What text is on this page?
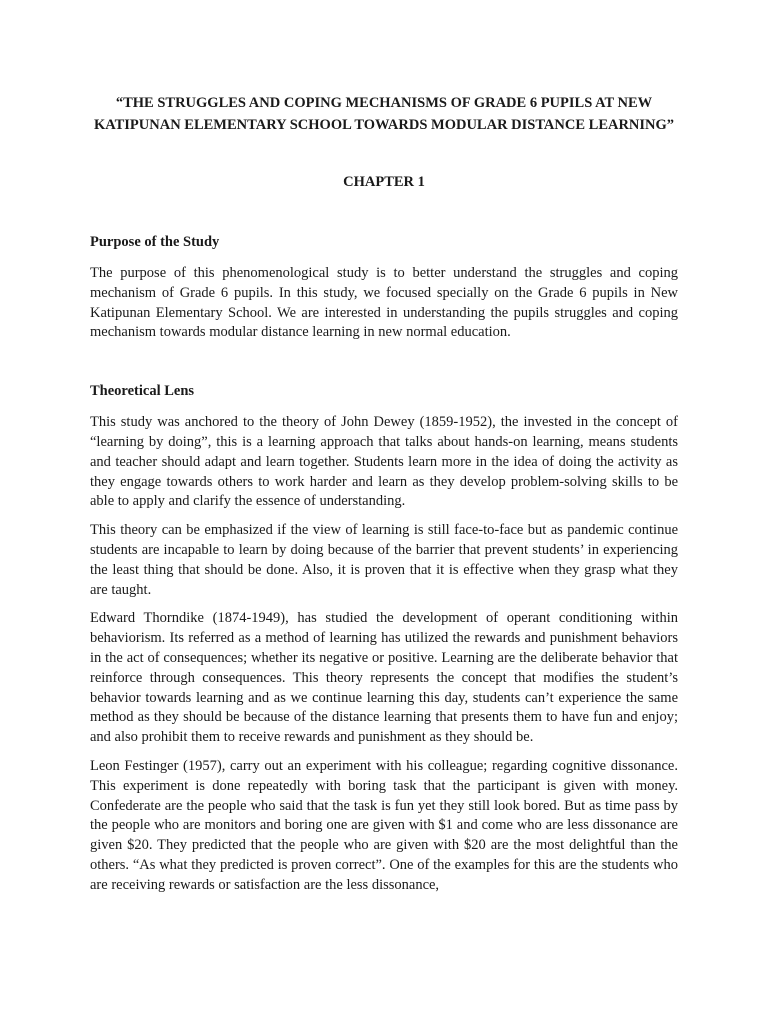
“THE STRUGGLES AND COPING MECHANISMS OF GRADE 6 PUPILS AT NEW KATIPUNAN ELEMENTARY SCHOOL TOWARDS MODULAR DISTANCE LEARNING”

CHAPTER 1

Purpose of the Study

The purpose of this phenomenological study is to better understand the struggles and coping mechanism of Grade 6 pupils. In this study, we focused specially on the Grade 6 pupils in New Katipunan Elementary School. We are interested in understanding the pupils struggles and coping mechanism towards modular distance learning in new normal education.

Theoretical Lens

This study was anchored to the theory of John Dewey (1859-1952), the invested in the concept of “learning by doing”, this is a learning approach that talks about hands-on learning, means students and teacher should adapt and learn together. Students learn more in the idea of doing the activity as they engage towards others to work harder and learn as they develop problem-solving skills to be able to apply and clarify the essence of understanding.

This theory can be emphasized if the view of learning is still face-to-face but as pandemic continue students are incapable to learn by doing because of the barrier that prevent students’ in experiencing the least thing that should be done. Also, it is proven that it is effective when they grasp what they are taught.

Edward Thorndike (1874-1949), has studied the development of operant conditioning within behaviorism. Its referred as a method of learning has utilized the rewards and punishment behaviors in the act of consequences; whether its negative or positive. Learning are the deliberate behavior that reinforce through consequences. This theory represents the concept that modifies the student’s behavior towards learning and as we continue learning this day, students can’t experience the same method as they should be because of the distance learning that presents them to have fun and enjoy; and also prohibit them to receive rewards and punishment as they should be.

Leon Festinger (1957), carry out an experiment with his colleague; regarding cognitive dissonance. This experiment is done repeatedly with boring task that the participant is given with money. Confederate are the people who said that the task is fun yet they still look bored. But as time pass by the people who are monitors and boring one are given with $1 and come who are less dissonance are given $20. They predicted that the people who are given with $20 are the most delightful than the others. “As what they predicted is proven correct”. One of the examples for this are the students who are receiving rewards or satisfaction are the less dissonance,
